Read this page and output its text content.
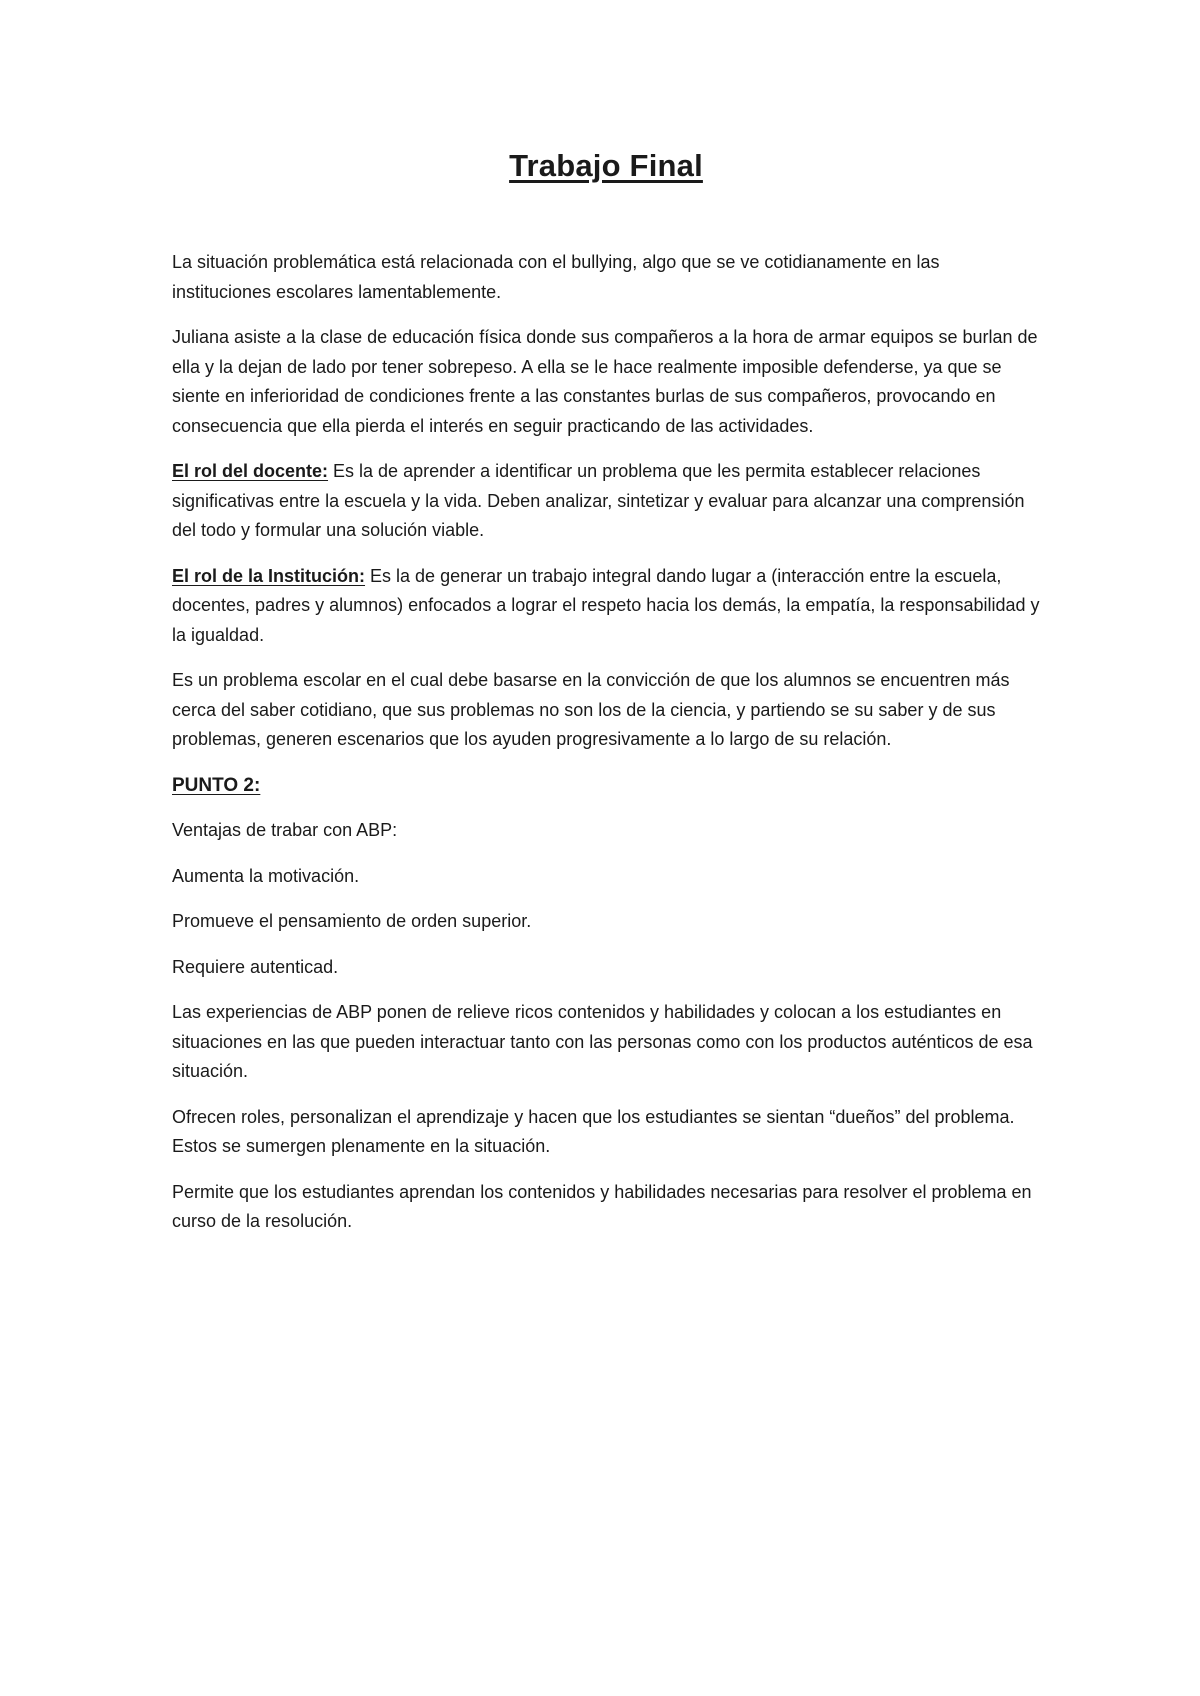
Trabajo Final

La situación problemática está relacionada con el bullying, algo que se ve cotidianamente en las instituciones escolares lamentablemente.

Juliana asiste a la clase de educación física donde sus compañeros a la hora de armar equipos se burlan de ella y la dejan de lado por tener sobrepeso. A ella se le hace realmente imposible defenderse, ya que se siente en inferioridad de condiciones frente a las constantes burlas de sus compañeros, provocando en consecuencia que ella pierda el interés en seguir practicando de las actividades.

El rol del docente: Es la de aprender a identificar un problema que les permita establecer relaciones significativas entre la escuela y la vida. Deben analizar, sintetizar y evaluar para alcanzar una comprensión del todo y formular una solución viable.

El rol de la Institución: Es la de generar un trabajo integral dando lugar a (interacción entre la escuela, docentes, padres y alumnos) enfocados a lograr el respeto hacia los demás, la empatía, la responsabilidad y la igualdad.

Es un problema escolar en el cual debe basarse en la convicción de que los alumnos se encuentren más cerca del saber cotidiano, que sus problemas no son los de la ciencia, y partiendo se su saber y de sus problemas, generen escenarios que los ayuden progresivamente a lo largo de su relación.

PUNTO 2:

Ventajas de trabar con ABP:

Aumenta la motivación.

Promueve el pensamiento de orden superior.

Requiere autenticad.

Las experiencias de ABP ponen de relieve ricos contenidos y habilidades y colocan a los estudiantes en situaciones en las que pueden interactuar tanto con las personas como con los productos auténticos de esa situación.

Ofrecen roles, personalizan el aprendizaje y hacen que los estudiantes se sientan “dueños” del problema. Estos se sumergen plenamente en la situación.

Permite que los estudiantes aprendan los contenidos y habilidades necesarias para resolver el problema en curso de la resolución.
